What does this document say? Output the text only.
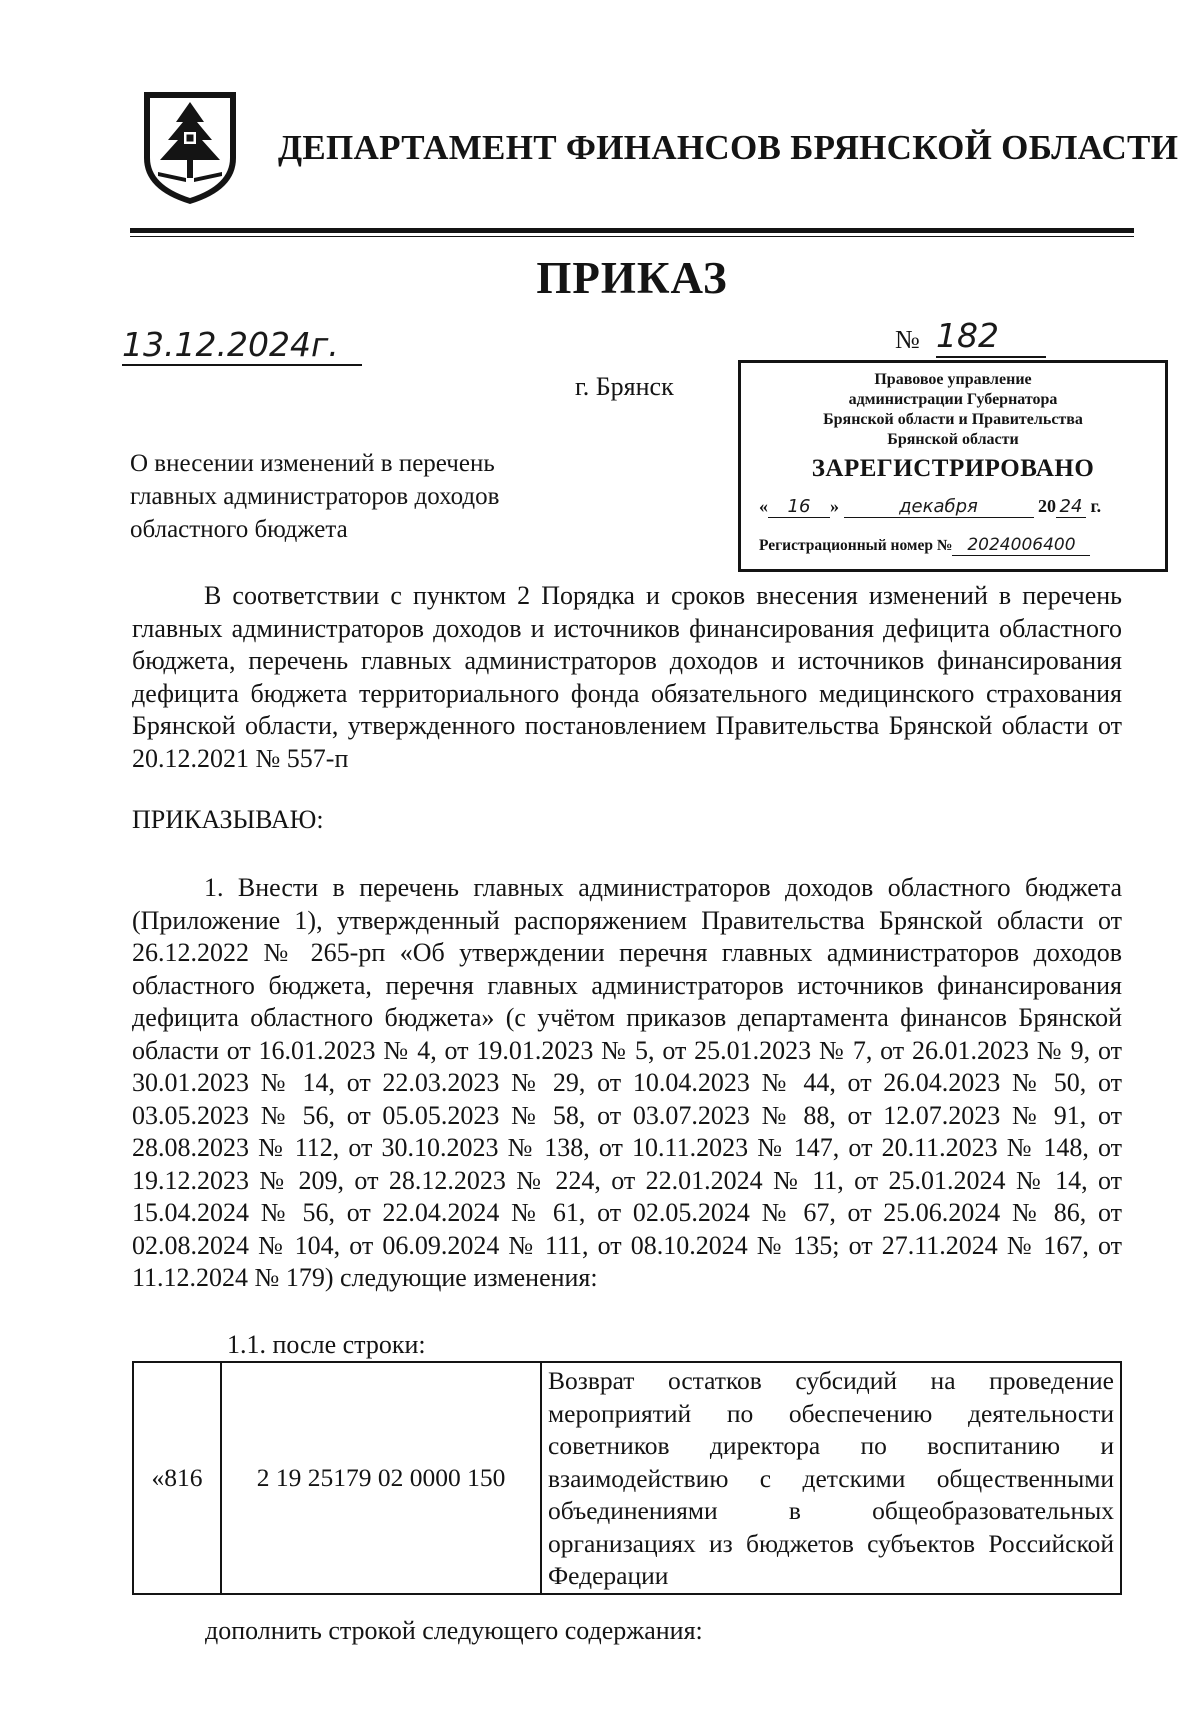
ДЕПАРТАМЕНТ ФИНАНСОВ БРЯНСКОЙ ОБЛАСТИ
ПРИКАЗ
13.12.2024г.	№ 182
г. Брянск
О внесении изменений в перечень
главных администраторов доходов
областного бюджета
Правовое управление
администрации Губернатора
Брянской области и Правительства
Брянской области
ЗАРЕГИСТРИРОВАНО
« 16 »	декабря	20 24 г.
Регистрационный номер № 2024006400

В соответствии с пунктом 2 Порядка и сроков внесения изменений в перечень главных администраторов доходов и источников финансирования дефицита областного бюджета, перечень главных администраторов доходов и источников финансирования дефицита бюджета территориального фонда обязательного медицинского страхования Брянской области, утвержденного постановлением Правительства Брянской области от 20.12.2021 № 557-п

ПРИКАЗЫВАЮ:

1. Внести в перечень главных администраторов доходов областного бюджета (Приложение 1), утвержденный распоряжением Правительства Брянской области от 26.12.2022 № 265-рп «Об утверждении перечня главных администраторов доходов областного бюджета, перечня главных администраторов источников финансирования дефицита областного бюджета» (с учётом приказов департамента финансов Брянской области от 16.01.2023 № 4, от 19.01.2023 № 5, от 25.01.2023 № 7, от 26.01.2023 № 9, от 30.01.2023 № 14, от 22.03.2023 № 29, от 10.04.2023 № 44, от 26.04.2023 № 50, от 03.05.2023 № 56, от 05.05.2023 № 58, от 03.07.2023 № 88, от 12.07.2023 № 91, от 28.08.2023 № 112, от 30.10.2023 № 138, от 10.11.2023 № 147, от 20.11.2023 № 148, от 19.12.2023 № 209, от 28.12.2023 № 224, от 22.01.2024 № 11, от 25.01.2024 № 14, от 15.04.2024 № 56, от 22.04.2024 № 61, от 02.05.2024 № 67, от 25.06.2024 № 86, от 02.08.2024 № 104, от 06.09.2024 № 111, от 08.10.2024 № 135; от 27.11.2024 № 167, от 11.12.2024 № 179) следующие изменения:

1.1. после строки:
«816	2 19 25179 02 0000 150	Возврат остатков субсидий на проведение мероприятий по обеспечению деятельности советников директора по воспитанию и взаимодействию с детскими общественными объединениями в общеобразовательных организациях из бюджетов субъектов Российской Федерации
дополнить строкой следующего содержания:
